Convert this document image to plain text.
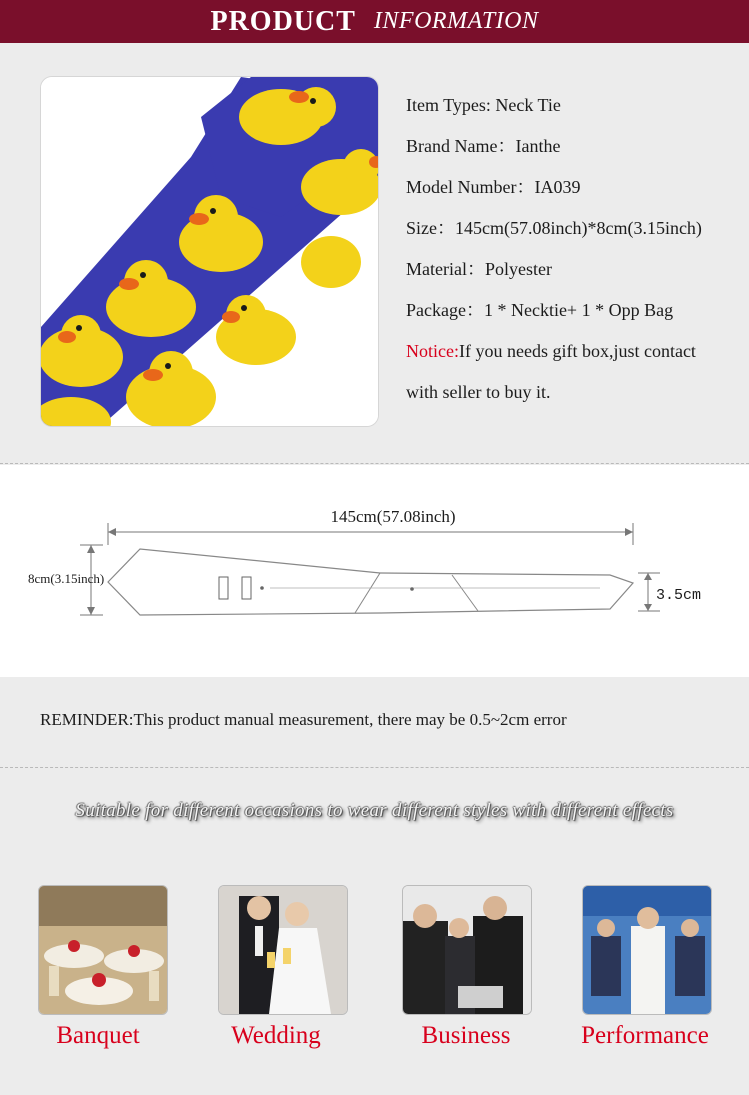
PRODUCT INFORMATION
Item Types: Neck Tie
Brand Name：Ianthe
Model Number：IA039
Size：145cm(57.08inch)*8cm(3.15inch)
Material：Polyester
Package：1 * Necktie+ 1 * Opp Bag
Notice:If you needs gift box,just contact
with seller to buy it.
145cm(57.08inch)
8cm(3.15inch)
3.5cm
REMINDER:This product manual measurement, there may be 0.5~2cm error
Suitable for different occasions to wear different styles with different effects
Banquet	Wedding	Business	Performance
